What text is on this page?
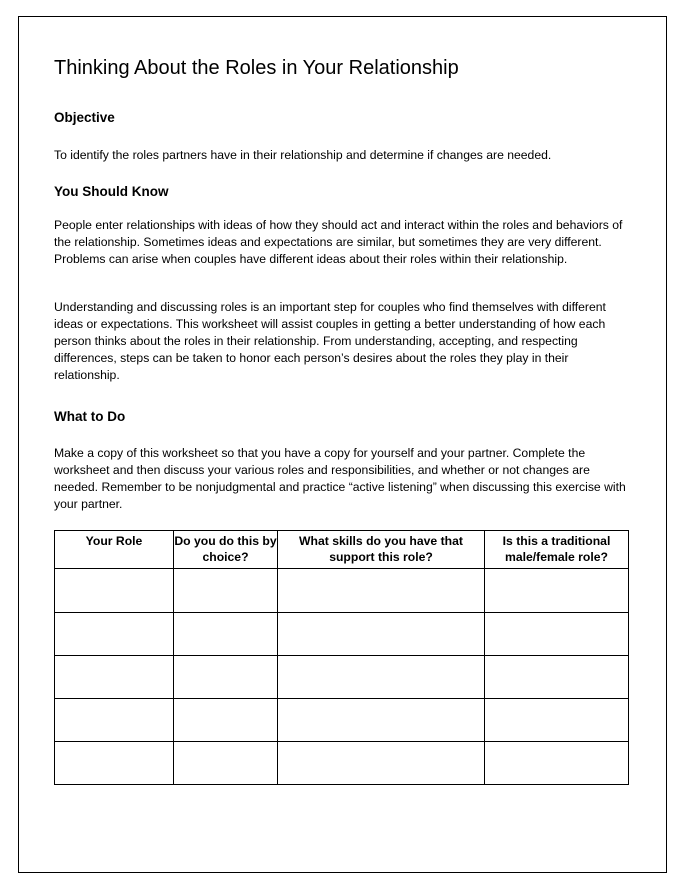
Thinking About the Roles in Your Relationship
Objective

To identify the roles partners have in their relationship and determine if changes are needed.

You Should Know

People enter relationships with ideas of how they should act and interact within the roles and behaviors of the relationship. Sometimes ideas and expectations are similar, but sometimes they are very different. Problems can arise when couples have different ideas about their roles within their relationship.

Understanding and discussing roles is an important step for couples who find themselves with different ideas or expectations. This worksheet will assist couples in getting a better understanding of how each person thinks about the roles in their relationship. From understanding, accepting, and respecting differences, steps can be taken to honor each person’s desires about the roles they play in their relationship.

What to Do

Make a copy of this worksheet so that you have a copy for yourself and your partner. Complete the worksheet and then discuss your various roles and responsibilities, and whether or not changes are needed. Remember to be nonjudgmental and practice “active listening” when discussing this exercise with your partner.

Your Role	Do you do this by choice?	What skills do you have that support this role?	Is this a traditional male/female role?
